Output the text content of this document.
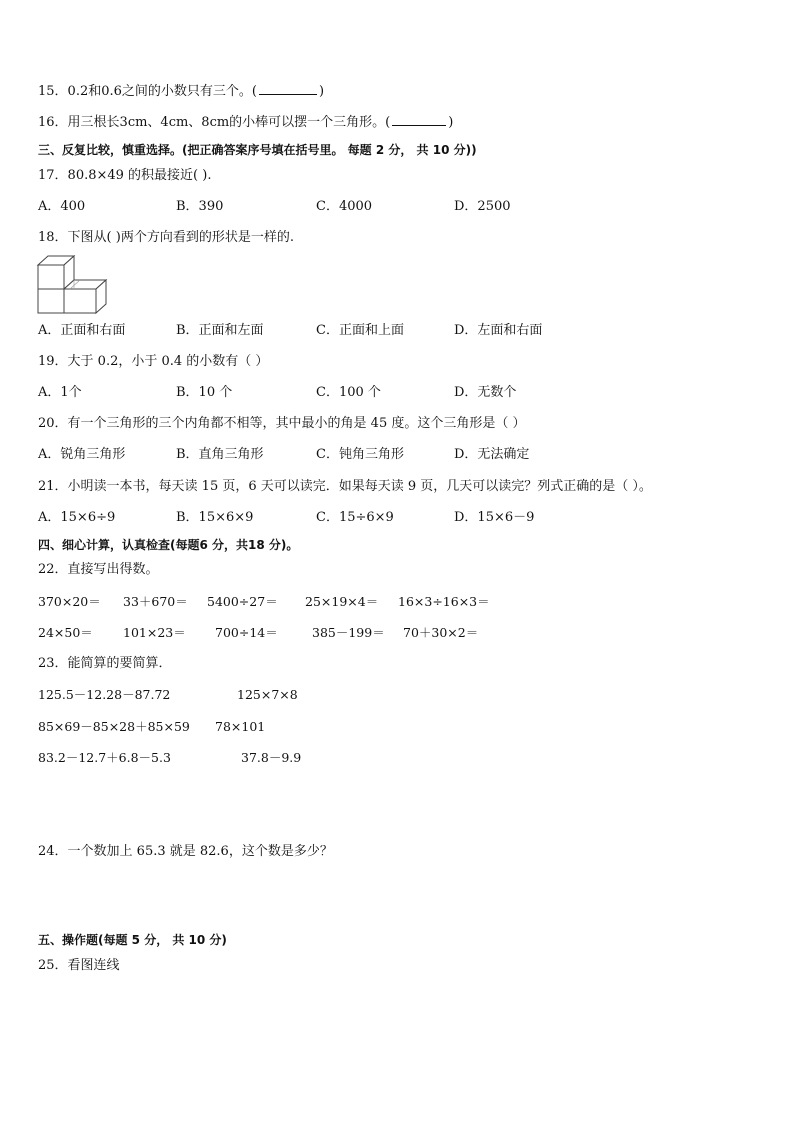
15．0.2和0.6之间的小数只有三个。(	)
16．用三根长3cm、4cm、8cm的小棒可以摆一个三角形。(	)
三、反复比较，慎重选择。(把正确答案序号填在括号里。 每题 2 分， 共 10 分))
17．80.8×49 的积最接近( ).
A．400	B．390	C．4000	D．2500
18．下图从( )两个方向看到的形状是一样的.
A．正面和右面	B．正面和左面	C．正面和上面	D．左面和右面
19．大于 0.2，小于 0.4 的小数有（ ）
A．1个	B．10 个	C．100 个	D．无数个
20．有一个三角形的三个内角都不相等，其中最小的角是 45 度。这个三角形是（ ）
A．锐角三角形	B．直角三角形	C．钝角三角形	D．无法确定
21．小明读一本书，每天读 15 页，6 天可以读完．如果每天读 9 页，几天可以读完？列式正确的是（ ）。
A．15×6÷9	B．15×6×9	C．15÷6×9	D．15×6－9
四、细心计算，认真检查(每题6 分，共18 分)。
22．直接写出得数。
370×20＝ 33＋670＝ 5400÷27＝ 25×19×4＝ 16×3÷16×3＝
24×50＝ 101×23＝ 700÷14＝	385－199＝ 70＋30×2＝
23．能简算的要简算．
125.5－12.28－87.72	125×7×8
85×69－85×28＋85×59 78×101
83.2－12.7＋6.8－5.3	37.8－9.9
24．一个数加上 65.3 就是 82.6，这个数是多少？
五、操作题(每题 5 分， 共 10 分)
25．看图连线
